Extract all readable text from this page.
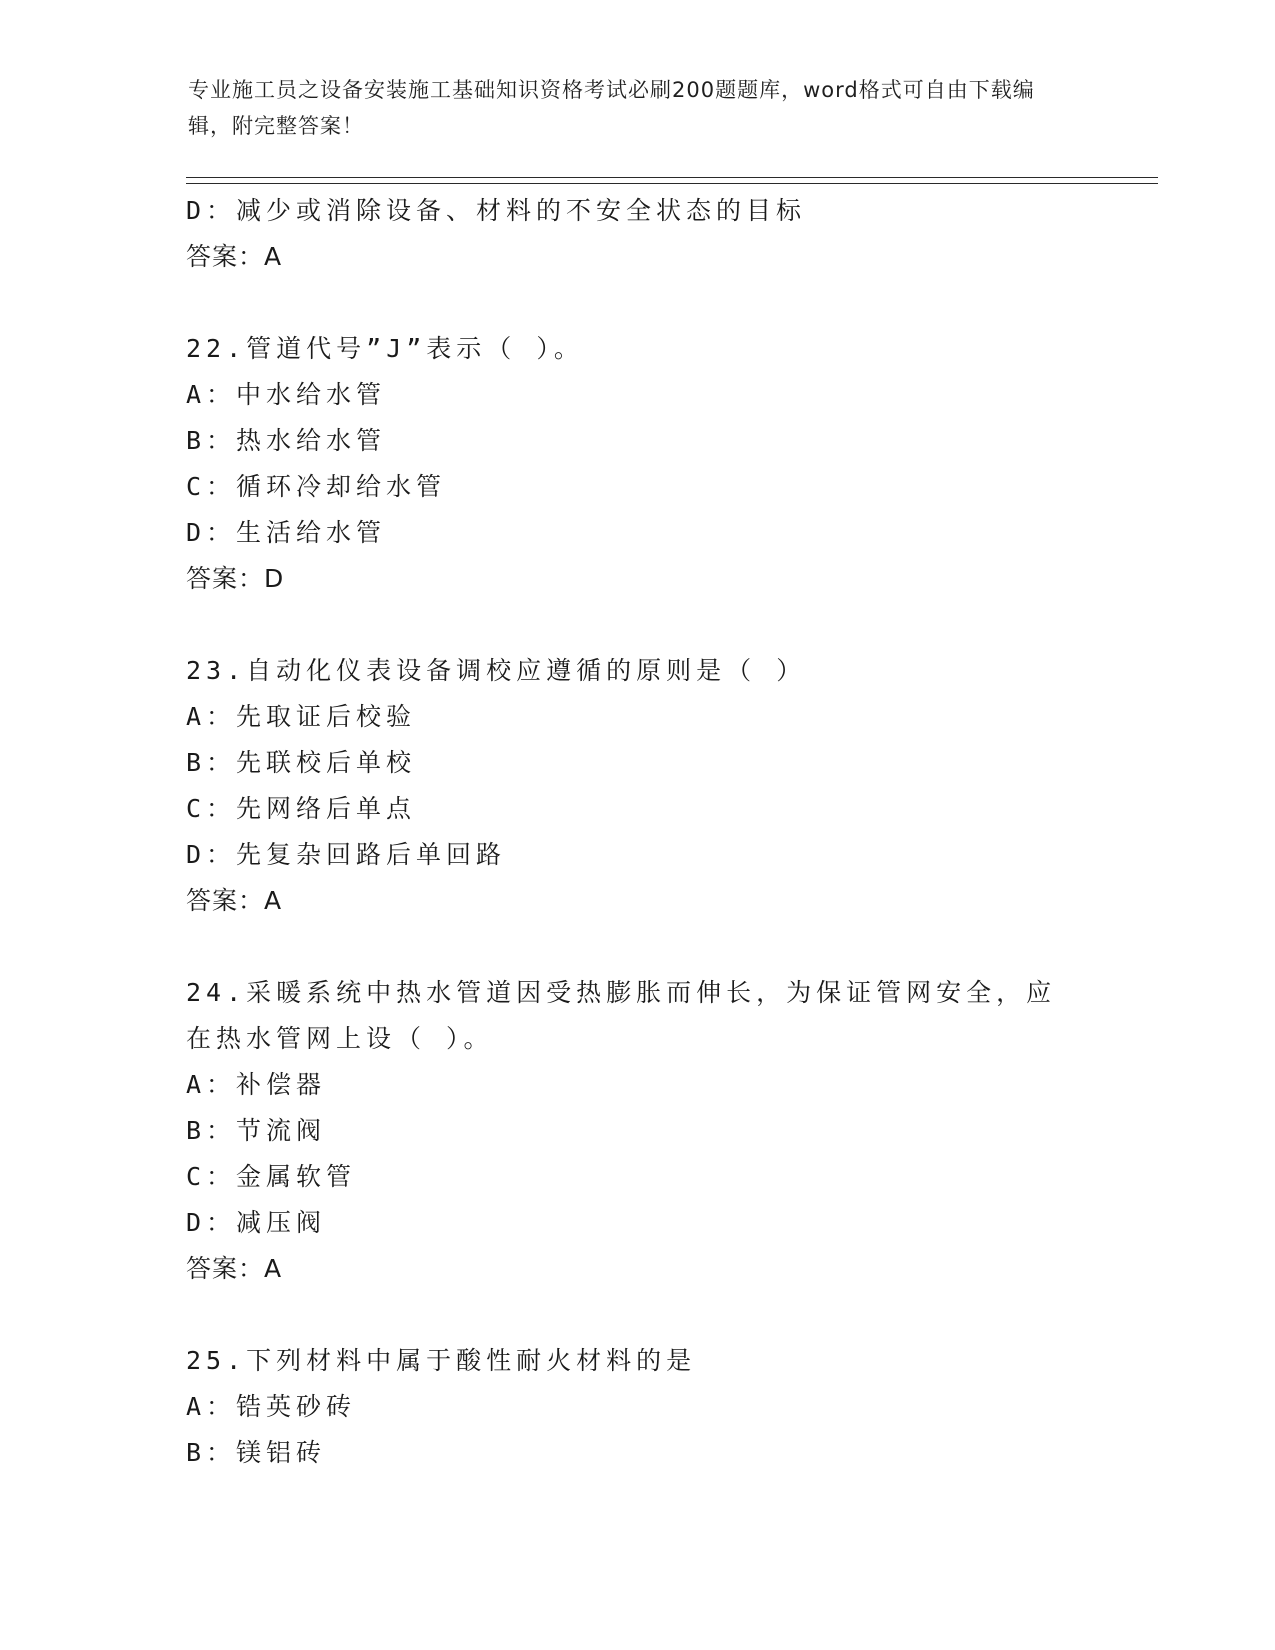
专业施工员之设备安装施工基础知识资格考试必刷200题题库，word格式可自由下载编辑，附完整答案！
D：减少或消除设备、材料的不安全状态的目标
答案：A
22.管道代号”J”表示（ ）。
A：中水给水管
B：热水给水管
C：循环冷却给水管
D：生活给水管
答案：D
23.自动化仪表设备调校应遵循的原则是（ ）
A：先取证后校验
B：先联校后单校
C：先网络后单点
D：先复杂回路后单回路
答案：A
24.采暖系统中热水管道因受热膨胀而伸长，为保证管网安全，应在热水管网上设（ ）。
A：补偿器
B：节流阀
C：金属软管
D：减压阀
答案：A
25.下列材料中属于酸性耐火材料的是
A：锆英砂砖
B：镁铝砖
